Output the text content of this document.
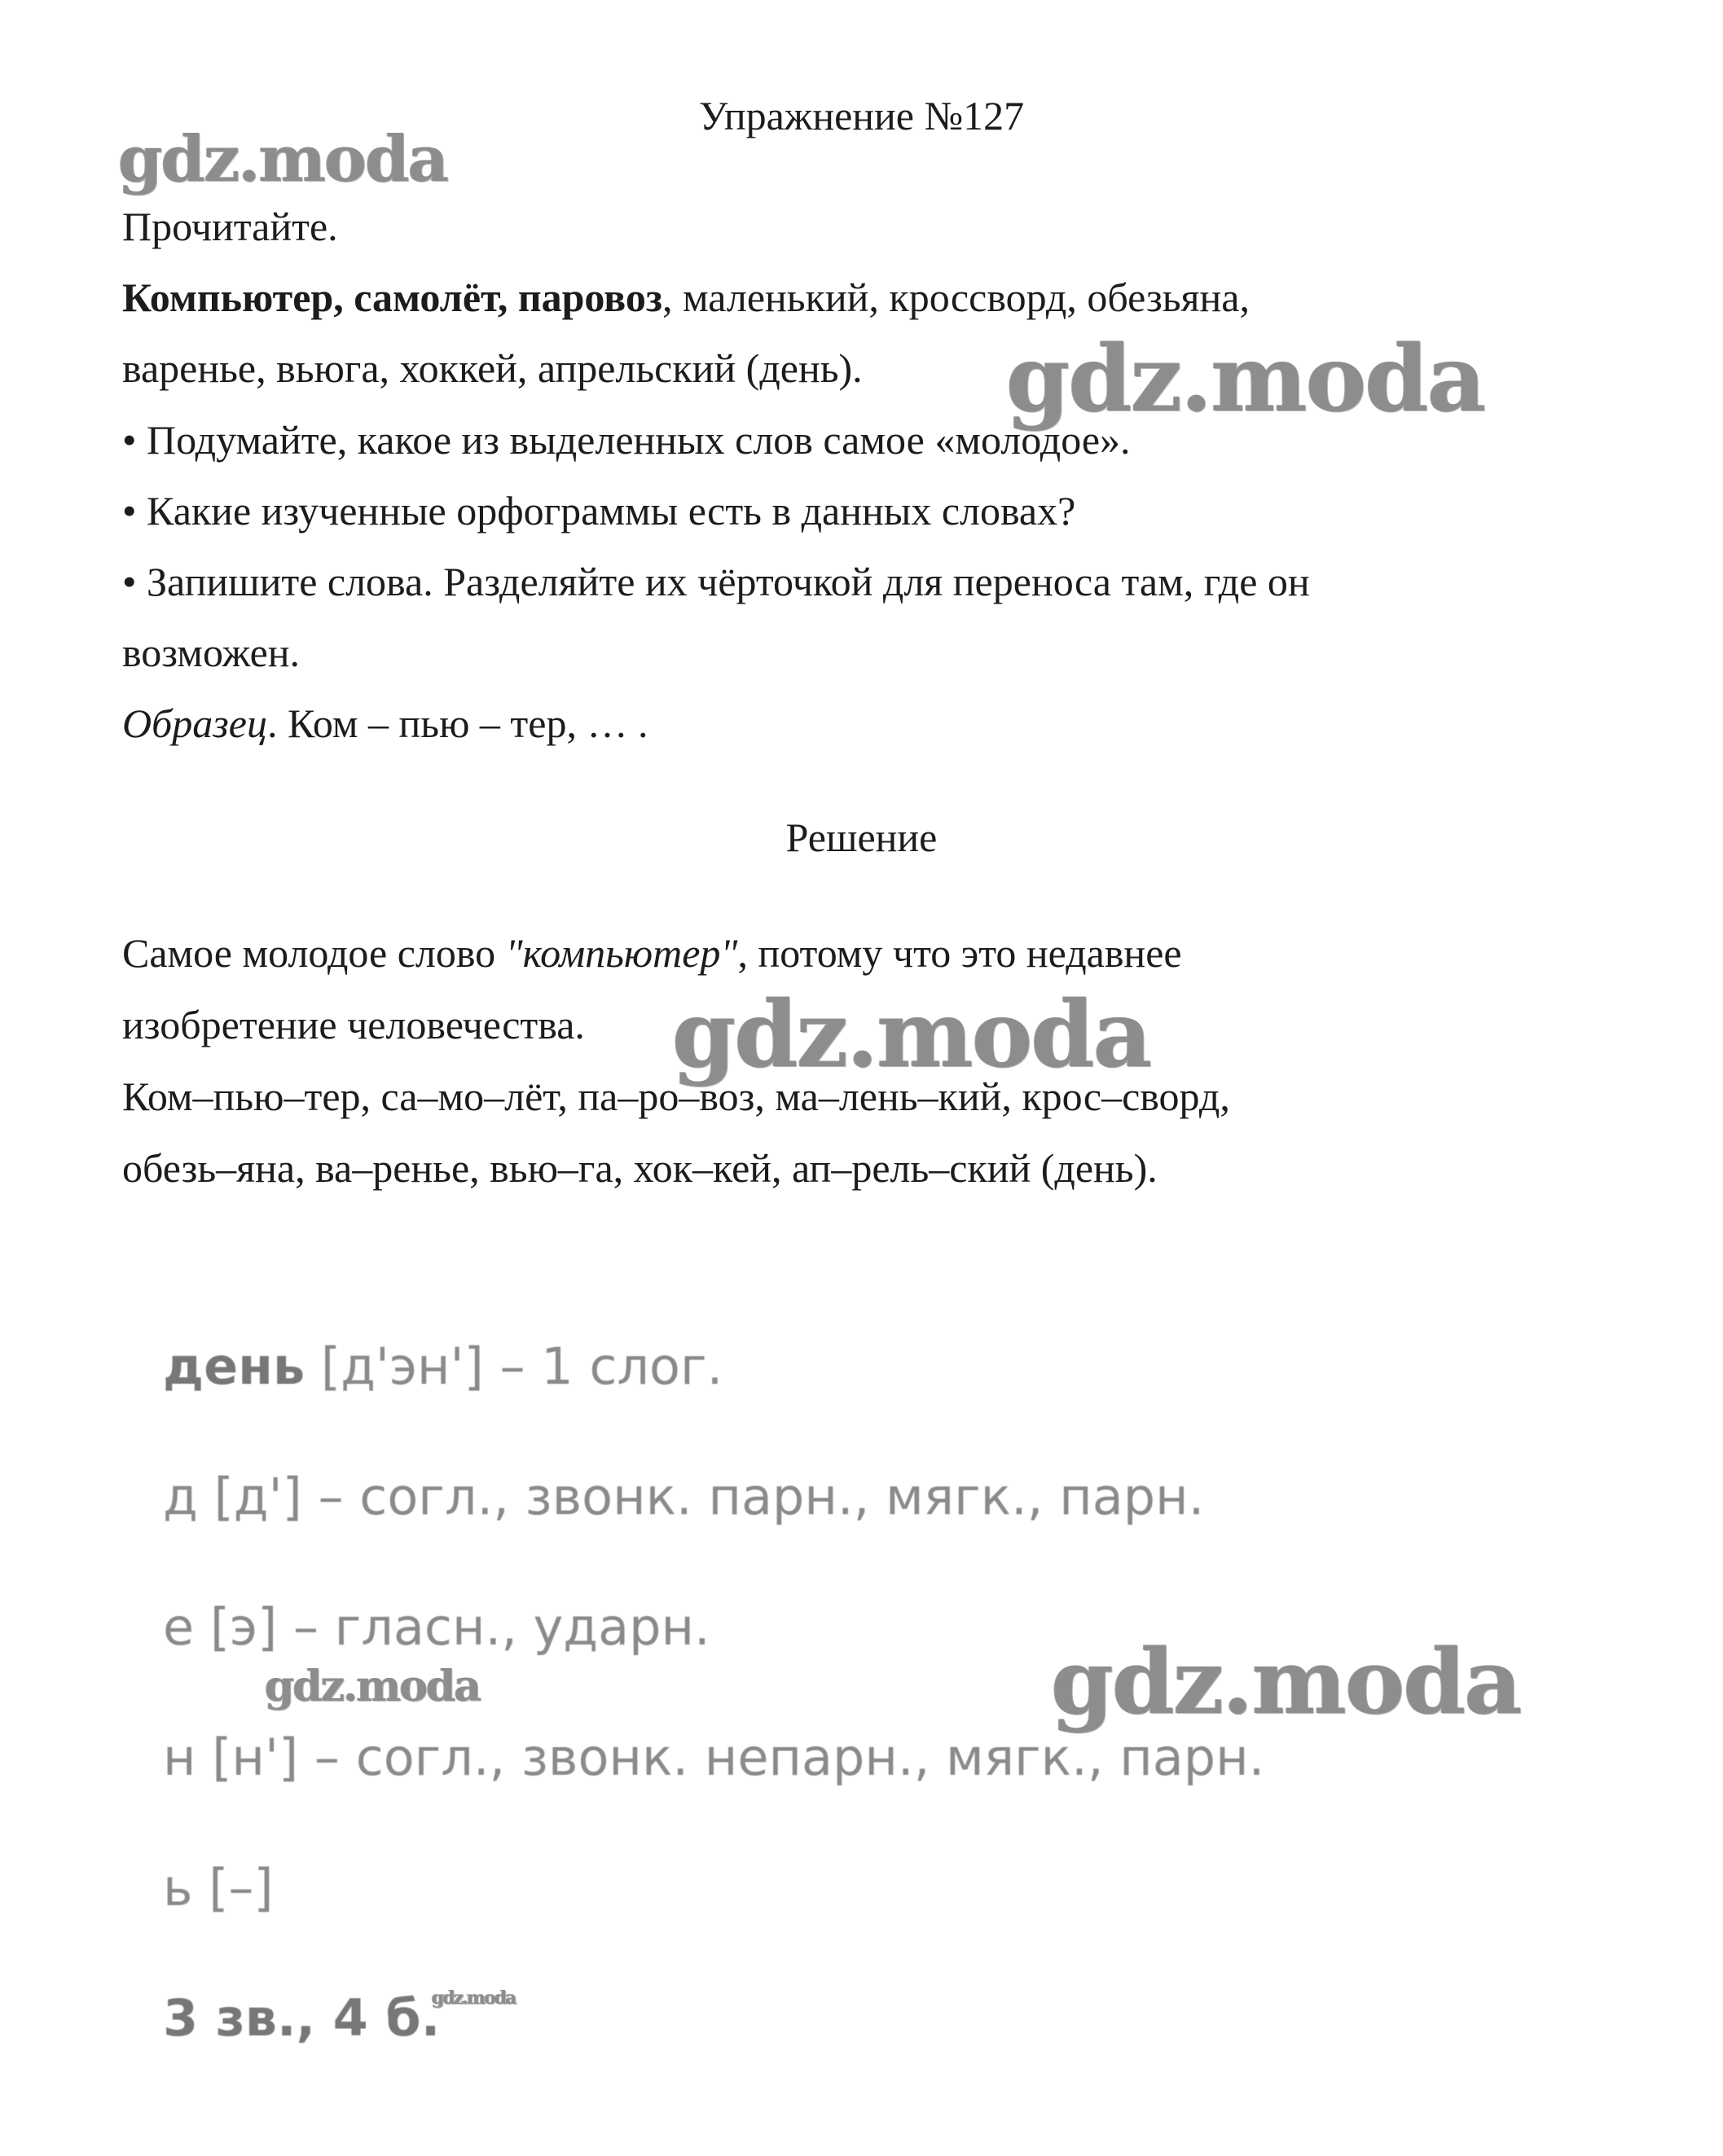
Упражнение №127
gdz.moda
Прочитайте.
Компьютер, самолёт, паровоз, маленький, кроссворд, обезьяна,
варенье, вьюга, хоккей, апрельский (день). gdz.moda
• Подумайте, какое из выделенных слов самое «молодое».
• Какие изученные орфограммы есть в данных словах?
• Запишите слова. Разделяйте их чёрточкой для переноса там, где он
возможен.
Образец. Ком – пью – тер, … .
Решение
Самое молодое слово "компьютер", потому что это недавнее
изобретение человечества. gdz.moda
Ком–пью–тер, са–мо–лёт, па–ро–воз, ма–лень–кий, крос–сворд,
обезь–яна, ва–ренье, вью–га, хок–кей, ап–рель–ский (день).
день [д'эн'] – 1 слог.
д [д'] – согл., звонк. парн., мягк., парн.
е [э] – гласн., ударн.
н [н'] – согл., звонк. непарн., мягк., парн.
ь [–]
3 зв., 4 б.
gdz.moda	gdz.moda
gdz.moda
